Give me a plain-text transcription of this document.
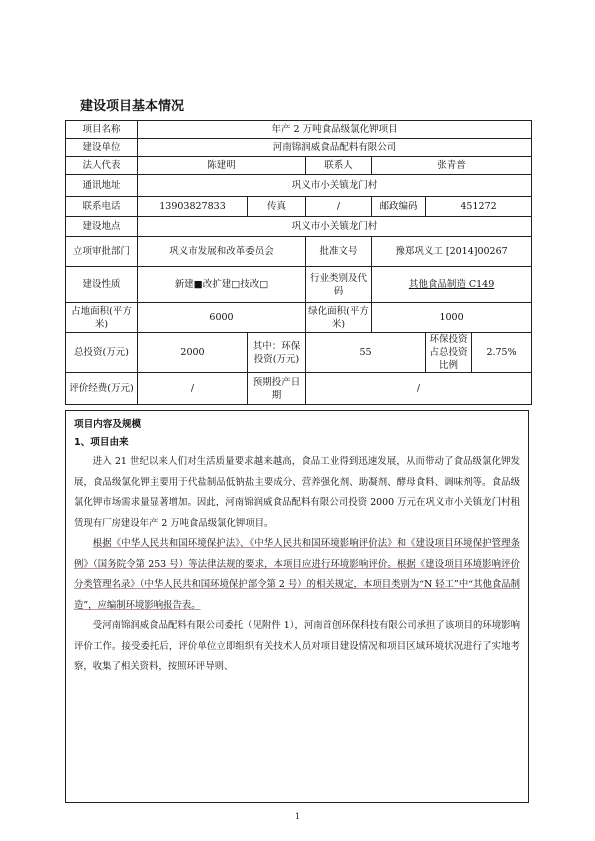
建设项目基本情况
项目名称	年产 2 万吨食品级氯化钾项目					
建设单位	河南锦润威食品配料有限公司					
法人代表	陈建明		联系人	张青普		
通讯地址	巩义市小关镇龙门村					
联系电话	13903827833	传真	/	邮政编码	451272	
建设地点	巩义市小关镇龙门村					
立项审批部门	巩义市发展和改革委员会		批准文号	豫郑巩义工 [2014]00267		
建设性质	新建■改扩建□技改□		行业类别及代码	其他食品制造 C149		
占地面积(平方米)	6000		绿化面积(平方米)	1000		
总投资(万元)	2000	其中：环保投资(万元)	55		环保投资占总投资比例	2.75%
评价经费(万元)	/	预期投产日期	/			
项目内容及规模
1、项目由来

进入 21 世纪以来人们对生活质量要求越来越高，食品工业得到迅速发展，从而带动了食品级氯化钾发展，食品级氯化钾主要用于代盐制品低钠盐主要成分、营养强化剂、助凝剂、酵母食料、调味剂等。食品级氯化钾市场需求量显著增加。因此，河南锦润威食品配料有限公司投资 2000 万元在巩义市小关镇龙门村租赁现有厂房建设年产 2 万吨食品级氯化钾项目。

根据《中华人民共和国环境保护法》、《中华人民共和国环境影响评价法》和《建设项目环境保护管理条例》（国务院令第 253 号）等法律法规的要求，本项目应进行环境影响评价。根据《建设项目环境影响评价分类管理名录》（中华人民共和国环境保护部令第 2 号）的相关规定，本项目类别为“N 轻工”中“其他食品制造”，应编制环境影响报告表。

受河南锦润威食品配料有限公司委托（见附件 1），河南首创环保科技有限公司承担了该项目的环境影响评价工作。接受委托后，评价单位立即组织有关技术人员对项目建设情况和项目区域环境状况进行了实地考察，收集了相关资料，按照环评导则、

1
